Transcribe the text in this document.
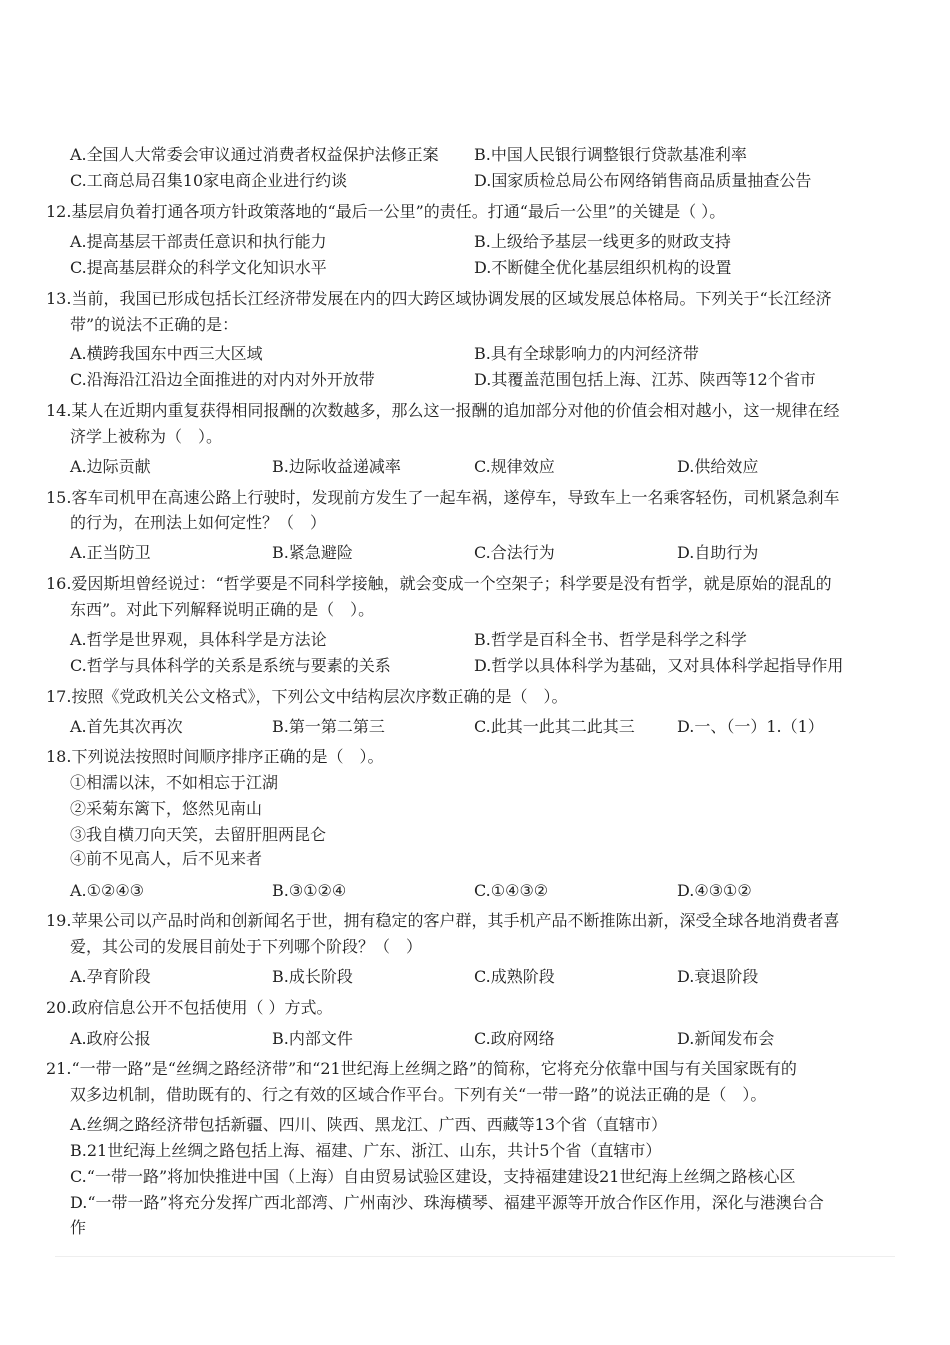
A.全国人大常委会审议通过消费者权益保护法修正案 B.中国人民银行调整银行贷款基准利率
C.工商总局召集10家电商企业进行约谈	D.国家质检总局公布网络销售商品质量抽查公告
12.基层肩负着打通各项方针政策落地的“最后一公里”的责任。打通“最后一公里”的关键是（ ）。
A.提高基层干部责任意识和执行能力	B.上级给予基层一线更多的财政支持
C.提高基层群众的科学文化知识水平	D.不断健全优化基层组织机构的设置
13.当前，我国已形成包括长江经济带发展在内的四大跨区域协调发展的区域发展总体格局。下列关于“长江经济
带”的说法不正确的是：
A.横跨我国东中西三大区域	B.具有全球影响力的内河经济带
C.沿海沿江沿边全面推进的对内对外开放带	D.其覆盖范围包括上海、江苏、陕西等12个省市
14.某人在近期内重复获得相同报酬的次数越多，那么这一报酬的追加部分对他的价值会相对越小，这一规律在经
济学上被称为（　）。
A.边际贡献	B.边际收益递减率	C.规律效应	D.供给效应
15.客车司机甲在高速公路上行驶时，发现前方发生了一起车祸，遂停车，导致车上一名乘客轻伤，司机紧急刹车
的行为，在刑法上如何定性？（　）
A.正当防卫	B.紧急避险	C.合法行为	D.自助行为
16.爱因斯坦曾经说过：“哲学要是不同科学接触，就会变成一个空架子；科学要是没有哲学，就是原始的混乱的
东西”。对此下列解释说明正确的是（　）。
A.哲学是世界观，具体科学是方法论	B.哲学是百科全书、哲学是科学之科学
C.哲学与具体科学的关系是系统与要素的关系	D.哲学以具体科学为基础，又对具体科学起指导作用
17.按照《党政机关公文格式》，下列公文中结构层次序数正确的是（　）。
A.首先其次再次	B.第一第二第三	C.此其一此其二此其三	D.一、（一）1.（1）
18.下列说法按照时间顺序排序正确的是（　）。
①相濡以沫，不如相忘于江湖
②采菊东篱下，悠然见南山
③我自横刀向天笑，去留肝胆两昆仑
④前不见高人，后不见来者
A.①②④③	B.③①②④	C.①④③②	D.④③①②
19.苹果公司以产品时尚和创新闻名于世，拥有稳定的客户群，其手机产品不断推陈出新，深受全球各地消费者喜
爱，其公司的发展目前处于下列哪个阶段？（　）
A.孕育阶段	B.成长阶段	C.成熟阶段	D.衰退阶段
20.政府信息公开不包括使用（ ）方式。
A.政府公报	B.内部文件	C.政府网络	D.新闻发布会
21.“一带一路”是“丝绸之路经济带”和“21世纪海上丝绸之路”的简称，它将充分依靠中国与有关国家既有的
双多边机制，借助既有的、行之有效的区域合作平台。下列有关“一带一路”的说法正确的是（　）。
A.丝绸之路经济带包括新疆、四川、陕西、黑龙江、广西、西藏等13个省（直辖市）
B.21世纪海上丝绸之路包括上海、福建、广东、浙江、山东，共计5个省（直辖市）
C.“一带一路”将加快推进中国（上海）自由贸易试验区建设，支持福建建设21世纪海上丝绸之路核心区
D.“一带一路”将充分发挥广西北部湾、广州南沙、珠海横琴、福建平源等开放合作区作用，深化与港澳台合
作
